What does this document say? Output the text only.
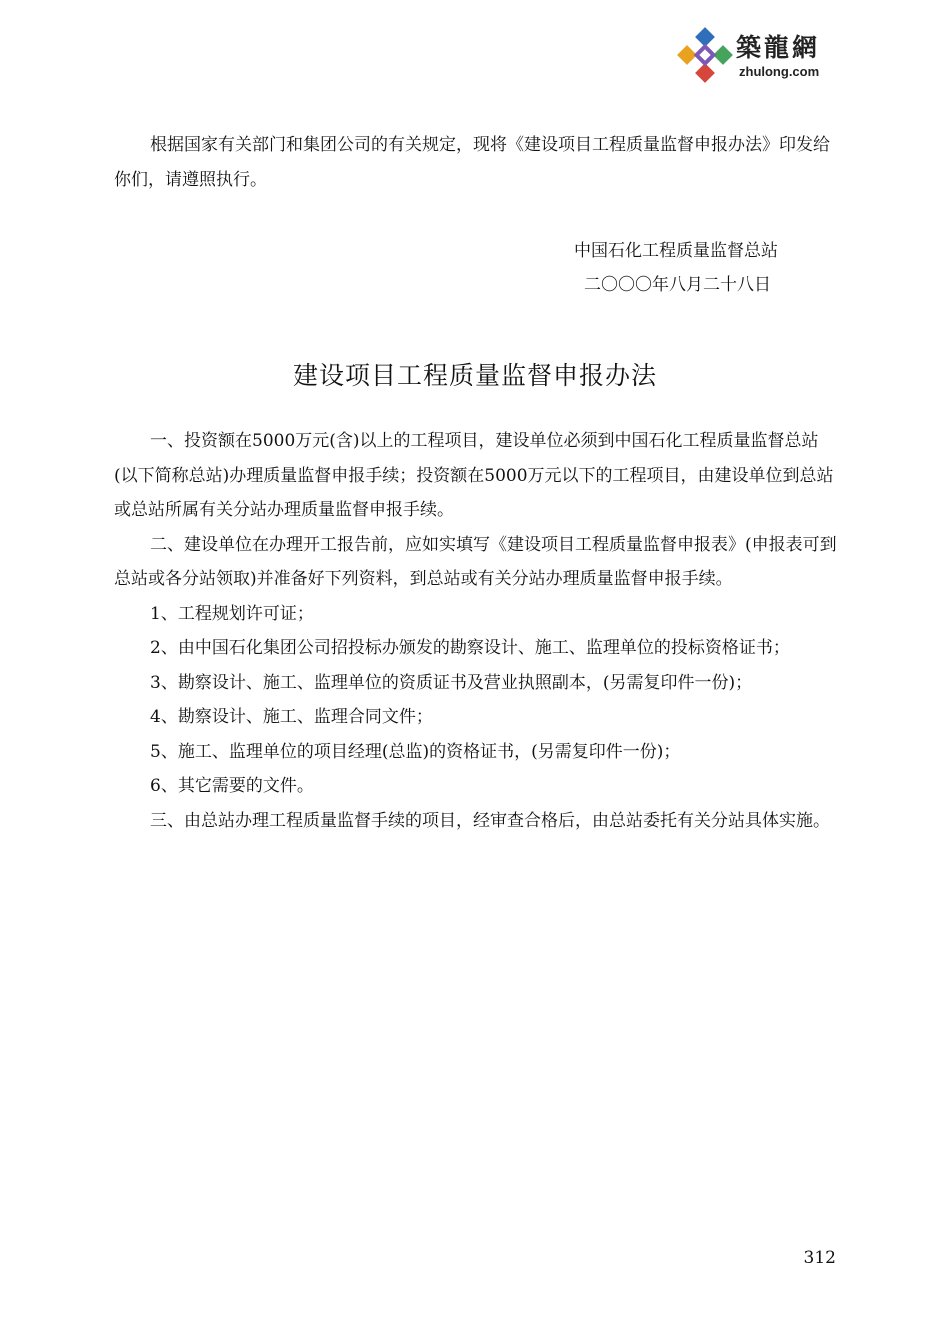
築龍網
zhulong.com

根据国家有关部门和集团公司的有关规定，现将《建设项目工程质量监督申报办法》印发给你们，请遵照执行。

中国石化工程质量监督总站
二〇〇〇年八月二十八日
建设项目工程质量监督申报办法

一、投资额在5000万元(含)以上的工程项目，建设单位必须到中国石化工程质量监督总站(以下简称总站)办理质量监督申报手续；投资额在5000万元以下的工程项目，由建设单位到总站或总站所属有关分站办理质量监督申报手续。

二、建设单位在办理开工报告前，应如实填写《建设项目工程质量监督申报表》(申报表可到总站或各分站领取)并准备好下列资料，到总站或有关分站办理质量监督申报手续。

1、工程规划许可证；

2、由中国石化集团公司招投标办颁发的勘察设计、施工、监理单位的投标资格证书；

3、勘察设计、施工、监理单位的资质证书及营业执照副本，(另需复印件一份)；

4、勘察设计、施工、监理合同文件；

5、施工、监理单位的项目经理(总监)的资格证书，(另需复印件一份)；

6、其它需要的文件。

三、由总站办理工程质量监督手续的项目，经审查合格后，由总站委托有关分站具体实施。

312
